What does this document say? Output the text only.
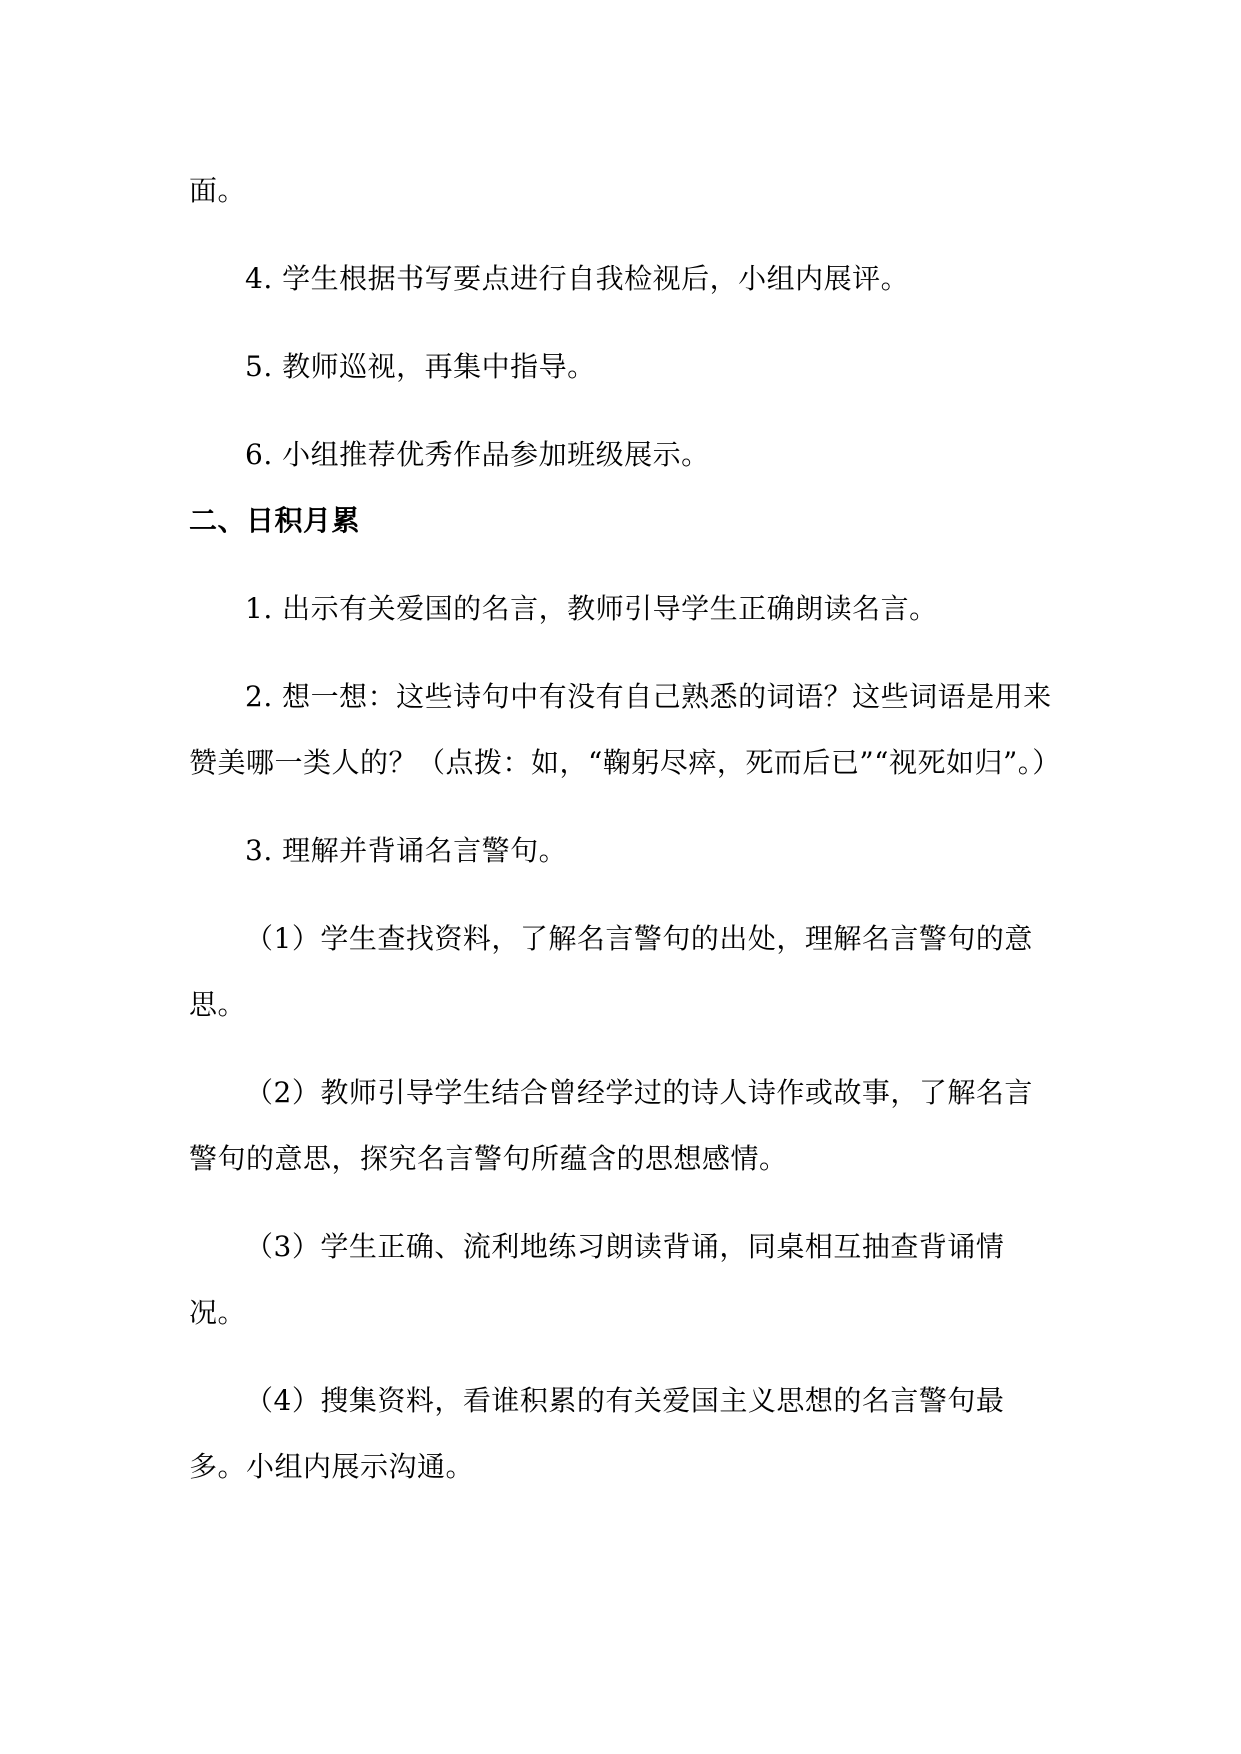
面。

4. 学生根据书写要点进行自我检视后，小组内展评。

5. 教师巡视，再集中指导。

6. 小组推荐优秀作品参加班级展示。

二、日积月累

1. 出示有关爱国的名言，教师引导学生正确朗读名言。

2. 想一想：这些诗句中有没有自己熟悉的词语？这些词语是用来赞美哪一类人的？（点拨：如，“鞠躬尽瘁，死而后已”“视死如归”。）

3. 理解并背诵名言警句。

（1）学生查找资料，了解名言警句的出处，理解名言警句的意思。

（2）教师引导学生结合曾经学过的诗人诗作或故事，了解名言警句的意思，探究名言警句所蕴含的思想感情。

（3）学生正确、流利地练习朗读背诵，同桌相互抽查背诵情况。

（4）搜集资料，看谁积累的有关爱国主义思想的名言警句最多。小组内展示沟通。
